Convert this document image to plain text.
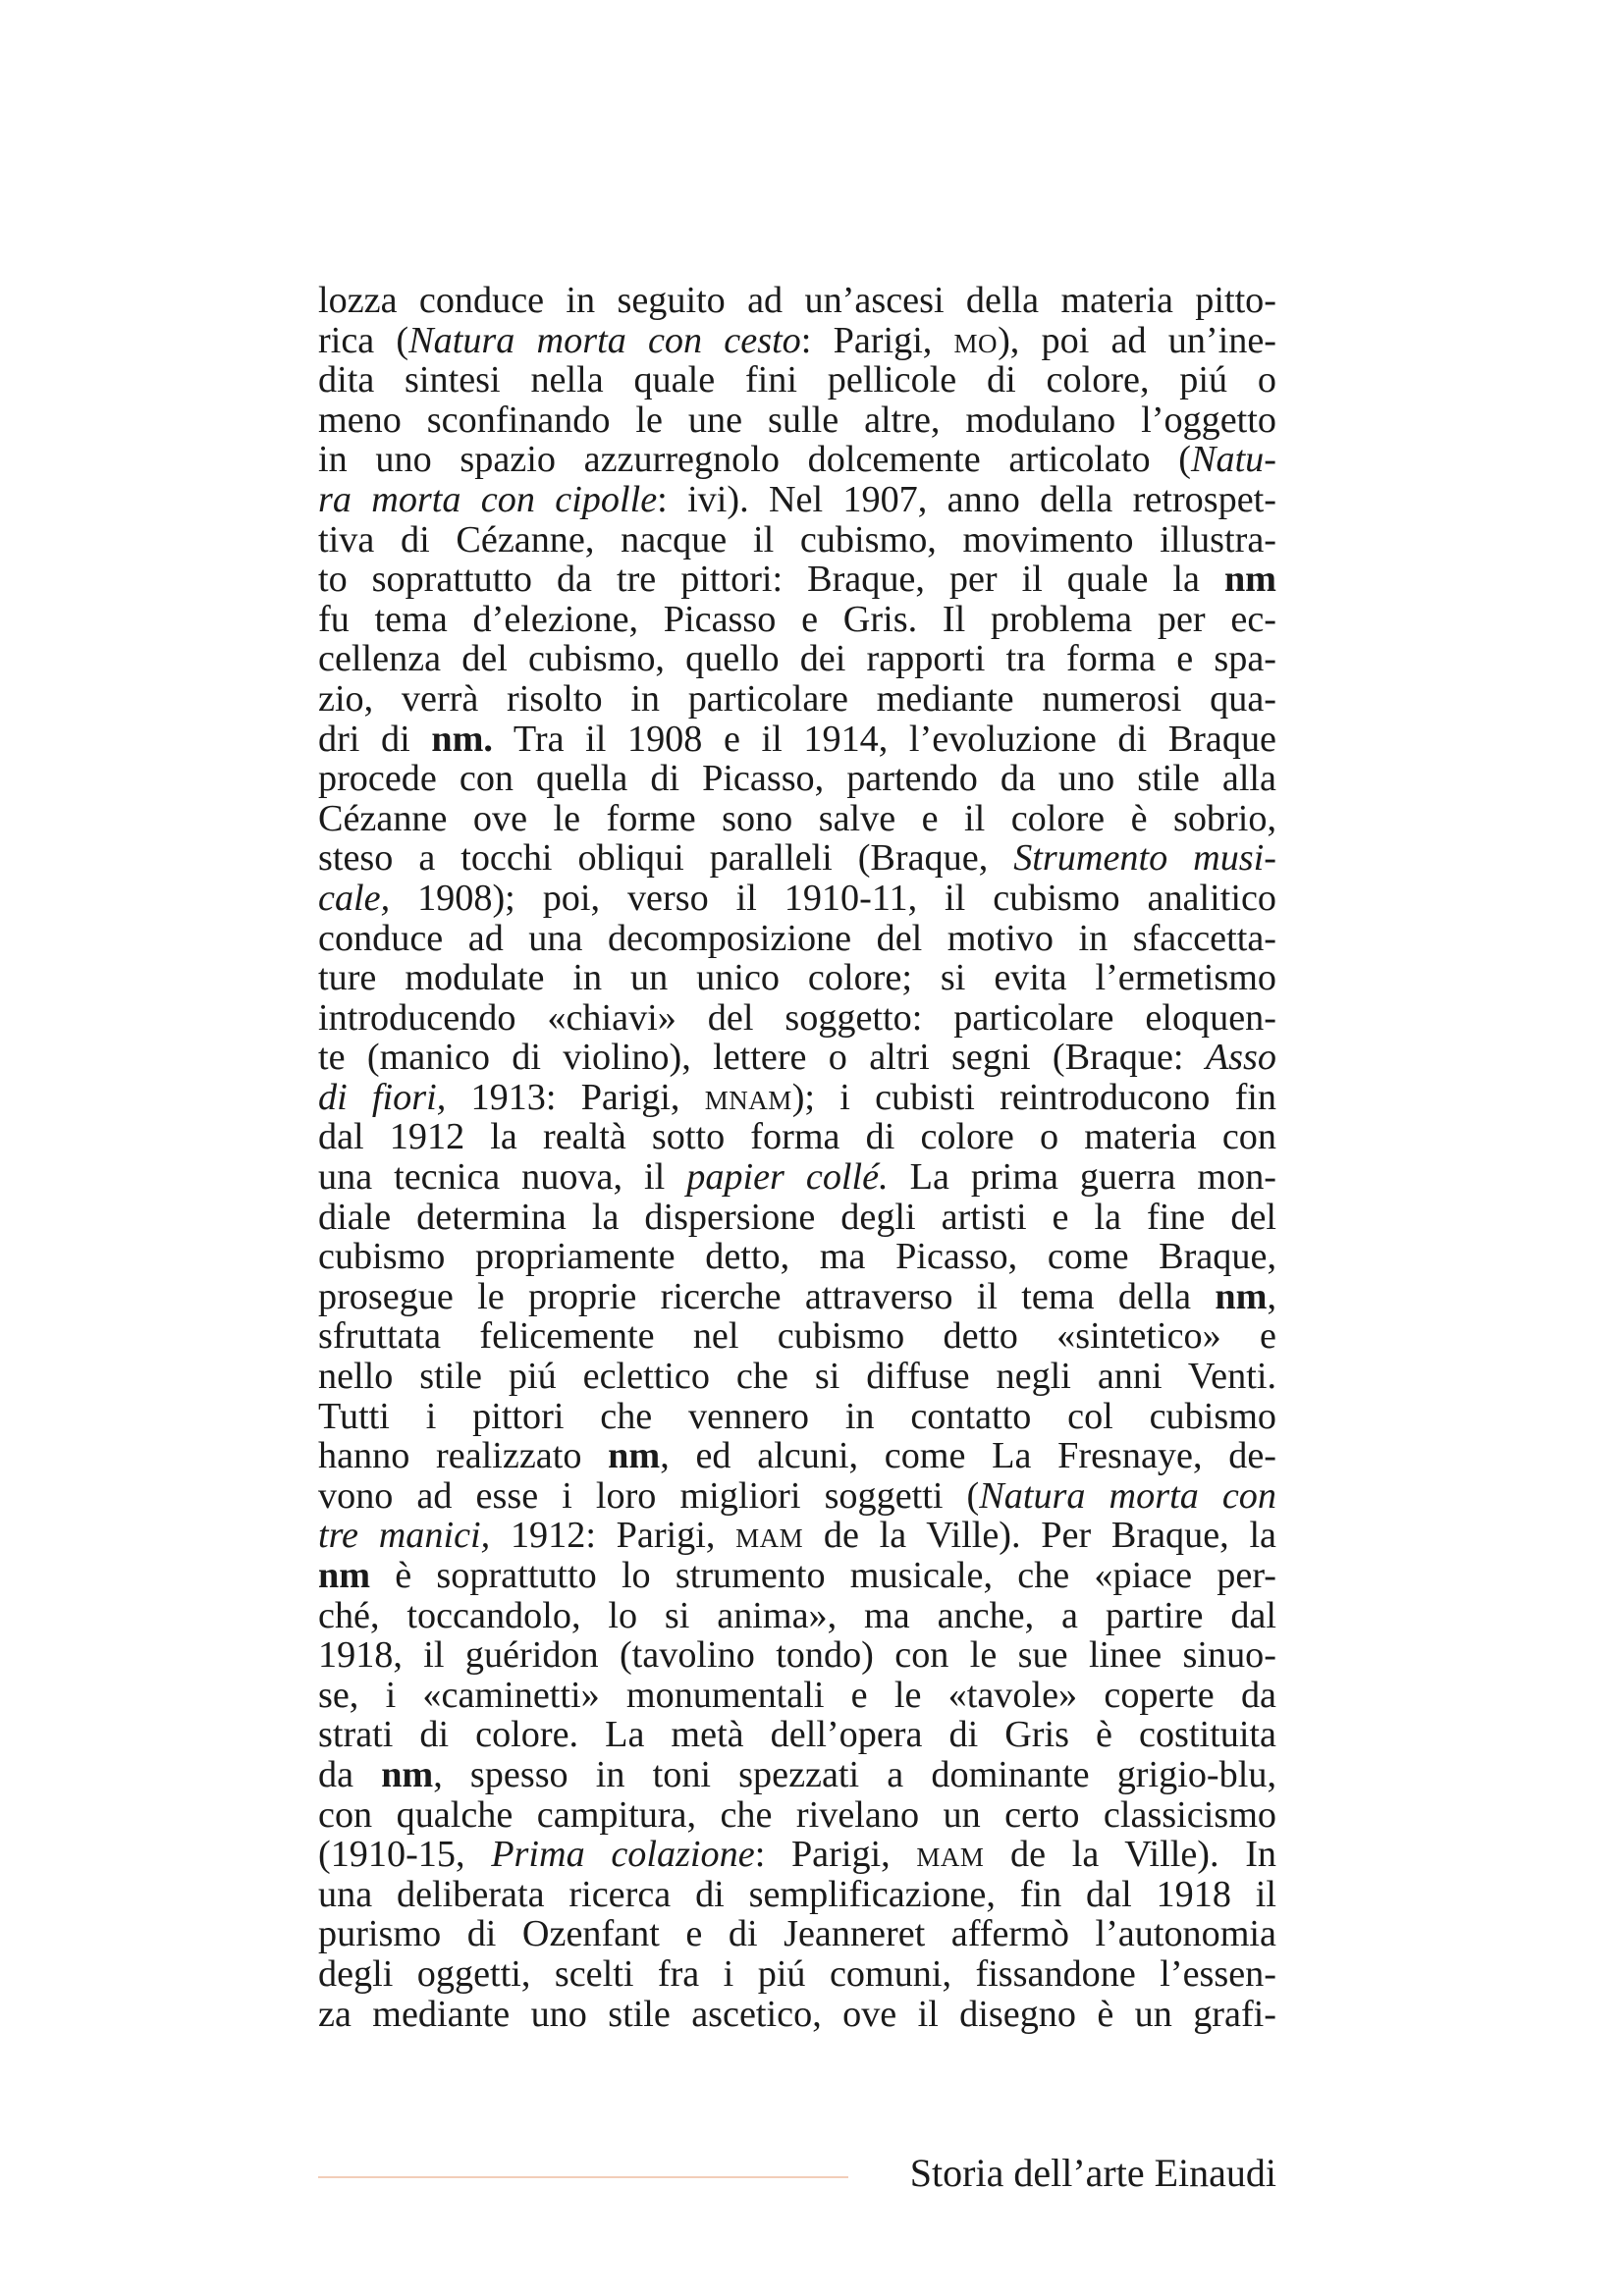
lozza conduce in seguito ad un’ascesi della materia pitto-
rica (Natura morta con cesto: Parigi, mo), poi ad un’ine-
dita sintesi nella quale fini pellicole di colore, piú o
meno sconfinando le une sulle altre, modulano l’oggetto
in uno spazio azzurregnolo dolcemente articolato (Natu-
ra morta con cipolle: ivi). Nel 1907, anno della retrospet-
tiva di Cézanne, nacque il cubismo, movimento illustra-
to soprattutto da tre pittori: Braque, per il quale la nm
fu tema d’elezione, Picasso e Gris. Il problema per ec-
cellenza del cubismo, quello dei rapporti tra forma e spa-
zio, verrà risolto in particolare mediante numerosi qua-
dri di nm. Tra il 1908 e il 1914, l’evoluzione di Braque
procede con quella di Picasso, partendo da uno stile alla
Cézanne ove le forme sono salve e il colore è sobrio,
steso a tocchi obliqui paralleli (Braque, Strumento musi-
cale, 1908); poi, verso il 1910-11, il cubismo analitico
conduce ad una decomposizione del motivo in sfaccetta-
ture modulate in un unico colore; si evita l’ermetismo
introducendo «chiavi» del soggetto: particolare eloquen-
te (manico di violino), lettere o altri segni (Braque: Asso
di fiori, 1913: Parigi, mnam); i cubisti reintroducono fin
dal 1912 la realtà sotto forma di colore o materia con
una tecnica nuova, il papier collé. La prima guerra mon-
diale determina la dispersione degli artisti e la fine del
cubismo propriamente detto, ma Picasso, come Braque,
prosegue le proprie ricerche attraverso il tema della nm,
sfruttata felicemente nel cubismo detto «sintetico» e
nello stile piú eclettico che si diffuse negli anni Venti.
Tutti i pittori che vennero in contatto col cubismo
hanno realizzato nm, ed alcuni, come La Fresnaye, de-
vono ad esse i loro migliori soggetti (Natura morta con
tre manici, 1912: Parigi, mam de la Ville). Per Braque, la
nm è soprattutto lo strumento musicale, che «piace per-
ché, toccandolo, lo si anima», ma anche, a partire dal
1918, il guéridon (tavolino tondo) con le sue linee sinuo-
se, i «caminetti» monumentali e le «tavole» coperte da
strati di colore. La metà dell’opera di Gris è costituita
da nm, spesso in toni spezzati a dominante grigio-blu,
con qualche campitura, che rivelano un certo classicismo
(1910-15, Prima colazione: Parigi, mam de la Ville). In
una deliberata ricerca di semplificazione, fin dal 1918 il
purismo di Ozenfant e di Jeanneret affermò l’autonomia
degli oggetti, scelti fra i piú comuni, fissandone l’essen-
za mediante uno stile ascetico, ove il disegno è un grafi-
Storia dell’arte Einaudi
